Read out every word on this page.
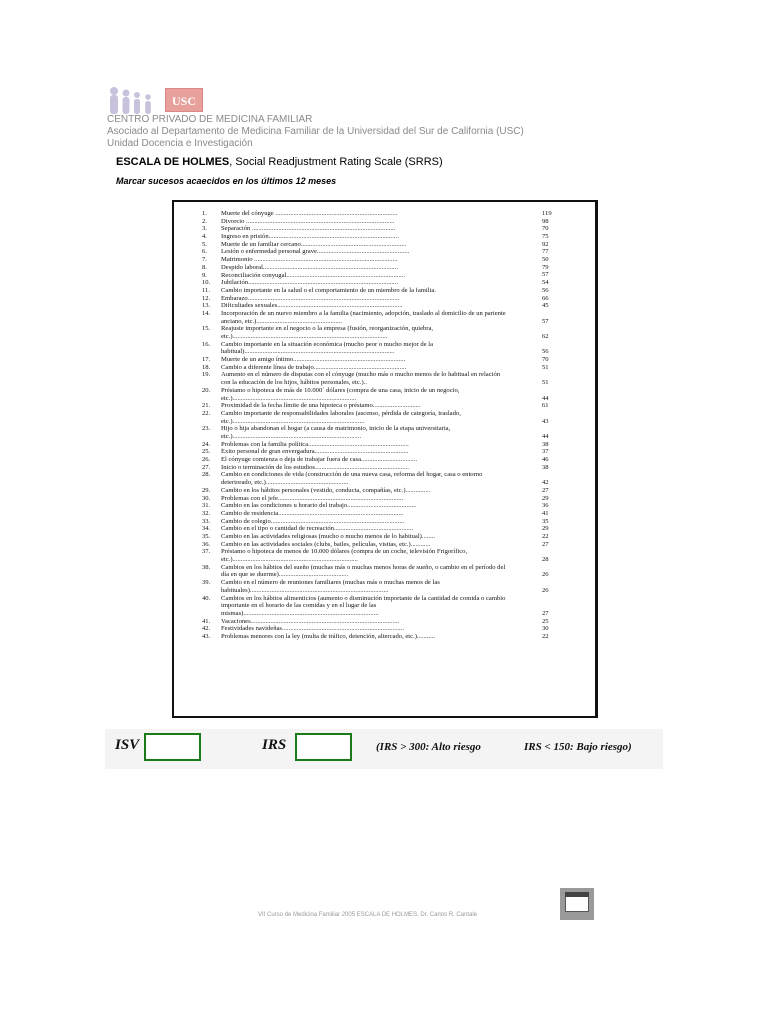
USC
CENTRO PRIVADO DE MEDICINA FAMILIAR
Asociado al Departamento de Medicina Familiar de la Universidad del Sur de California (USC)
Unidad Docencia e Investigación
ESCALA DE HOLMES, Social Readjustment Rating Scale (SRRS)
Marcar sucesos acaecidos en los últimos 12 meses
1.	Muerte del cónyuge ..........................................................................	119
2.	Divorcio ..........................................................................................	98
3.	Separación .......................................................................................	70
4.	Ingreso en prisión...............................................................................	75
5.	Muerte de un familiar cercano................................................................	92
6.	Lesión o enfermedad personal grave........................................................	77
7.	Matrimonio .......................................................................................	50
8.	Despido laboral..................................................................................	79
9.	Reconciliación conyugal........................................................................	57
10.	Jubilación...........................................................................................	54
11.	Cambio importante en la salud o el comportamiento de un miembro de la familia.	56
12.	Embarazo............................................................................................	66
13.	Dificultades sexuales............................................................................	45
14.	Incorporación de un nuevo miembro a la familia (nacimiento, adopción, traslado al domicilio de un pariente anciano, etc.)....................................................	57
15.	Reajuste importante en el negocio o la empresa (fusión, reorganización, quiebra, etc.)..............................................................................................	62
16.	Cambio importante en la situación económica (mucho peor o mucho mejor de la habitual)...........................................................................................	56
17.	Muerte de un amigo íntimo....................................................................	70
18.	Cambio a diferente línea de trabajo........................................................	51
19.	Aumento en el número de disputas con el cónyuge (mucho más o mucho menos de lo habitual en relación con la educación de los hijos, hábitos personales, etc.)..	51
20.	Préstamo o hipoteca de más de 10.000´ dólares (compra de una casa, inicio de un negocio, etc.)...........................................................................	44
21.	Proximidad de la fecha límite de una hipoteca o préstamo.............................	61
22.	Cambio importante de responsabilidades laborales (ascenso, pérdida de categoría, traslado, etc.)................................................................................	43
23.	Hijo o hija abandonan el hogar (a causa de matrimonio, inicio de la etapa universitaria, etc.)..............................................................................	44
24.	Problemas con la familia política.............................................................	38
25.	Éxito personal de gran envergadura.........................................................	37
26.	El cónyuge comienza o deja de trabajar fuera de casa..................................	46
27.	Inicio o terminación de los estudios.........................................................	38
28.	Cambio en condiciones de vida (construcción de una nueva casa, reforma del hogar, casa o entorno deteriorado, etc.)..................................................	42
29.	Cambio en los hábitos personales (vestido, conducta, compañías, etc.)...............	27
30.	Problemas con el jefe............................................................................	29
31.	Cambio en las condiciones u horario del trabajo..........................................	36
32.	Cambio de residencia............................................................................	41
33.	Cambio de colegio.................................................................................	35
34.	Cambio en el tipo o cantidad de recreación................................................	29
35.	Cambio en las actividades religiosas (mucho o mucho menos de lo habitual)........	22
36.	Cambio en las actividades sociales (clubs, bailes, películas, visitas, etc.)............	27
37.	Préstamo o hipoteca de menos de 10.000 dólares (compra de un coche, televisión Frigorífico, etc.)............................................................................	28
38.	Cambios en los hábitos del sueño (muchas más o muchas menos horas de sueño, o cambio en el período del día en que se duerme)..........................................	26
39.	Cambio en el número de reuniones familiares (muchas más o muchas menos de las habituales)....................................................................................	26
40.	Cambios en los hábitos alimenticios (aumento o disminución importante de la cantidad de comida o cambio importante en el horario de las comidas y en el lugar de las mismas)..................................................................................	27
41.	Vacaciones..........................................................................................	25
42.	Festividades navideñas..........................................................................	30
43.	Problemas menores con la ley (multa de tráfico, detención, altercado, etc.)...........	22
ISV	IRS	(IRS > 300: Alto riesgo	IRS < 150: Bajo riesgo)
VII Curso de Medicina Familiar 2005 ESCALA DE HOLMES, Dr. Carlos R. Cantale
